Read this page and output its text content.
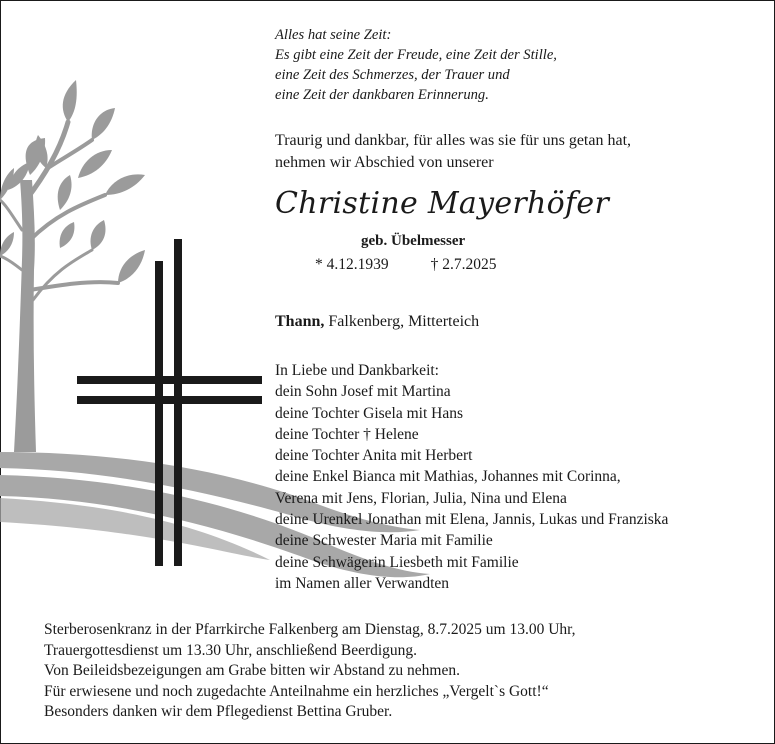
Alles hat seine Zeit:
Es gibt eine Zeit der Freude, eine Zeit der Stille,
eine Zeit des Schmerzes, der Trauer und
eine Zeit der dankbaren Erinnerung.
Traurig und dankbar, für alles was sie für uns getan hat,
nehmen wir Abschied von unserer
Christine Mayerhöfer
geb. Übelmesser
* 4.12.1939	† 2.7.2025
Thann, Falkenberg, Mitterteich
In Liebe und Dankbarkeit:
dein Sohn Josef mit Martina
deine Tochter Gisela mit Hans
deine Tochter † Helene
deine Tochter Anita mit Herbert
deine Enkel Bianca mit Mathias, Johannes mit Corinna,
Verena mit Jens, Florian, Julia, Nina und Elena
deine Urenkel Jonathan mit Elena, Jannis, Lukas und Franziska
deine Schwester Maria mit Familie
deine Schwägerin Liesbeth mit Familie
im Namen aller Verwandten
Sterberosenkranz in der Pfarrkirche Falkenberg am Dienstag, 8.7.2025 um 13.00 Uhr,
Trauergottesdienst um 13.30 Uhr, anschließend Beerdigung.
Von Beileidsbezeigungen am Grabe bitten wir Abstand zu nehmen.
Für erwiesene und noch zugedachte Anteilnahme ein herzliches „Vergelt`s Gott!“
Besonders danken wir dem Pflegedienst Bettina Gruber.
